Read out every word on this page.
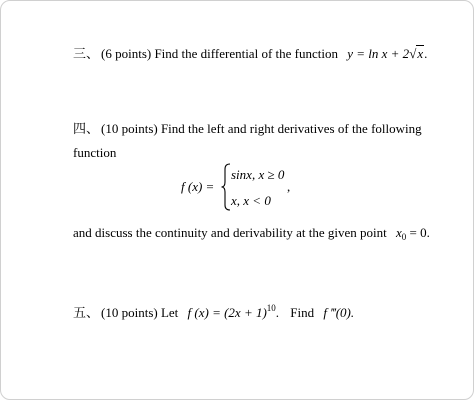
三、 (6 points) Find the differential of the function y = ln x + 2√x.
四、 (10 points) Find the left and right derivatives of the following
function
f (x) =
sinx, x ≥ 0
x, x < 0
,
and discuss the continuity and derivability at the given point $x_0 = 0$.
五、 (10 points) Let f $(x) = (2x + 1)^{10}$. Find f ‴(0).
